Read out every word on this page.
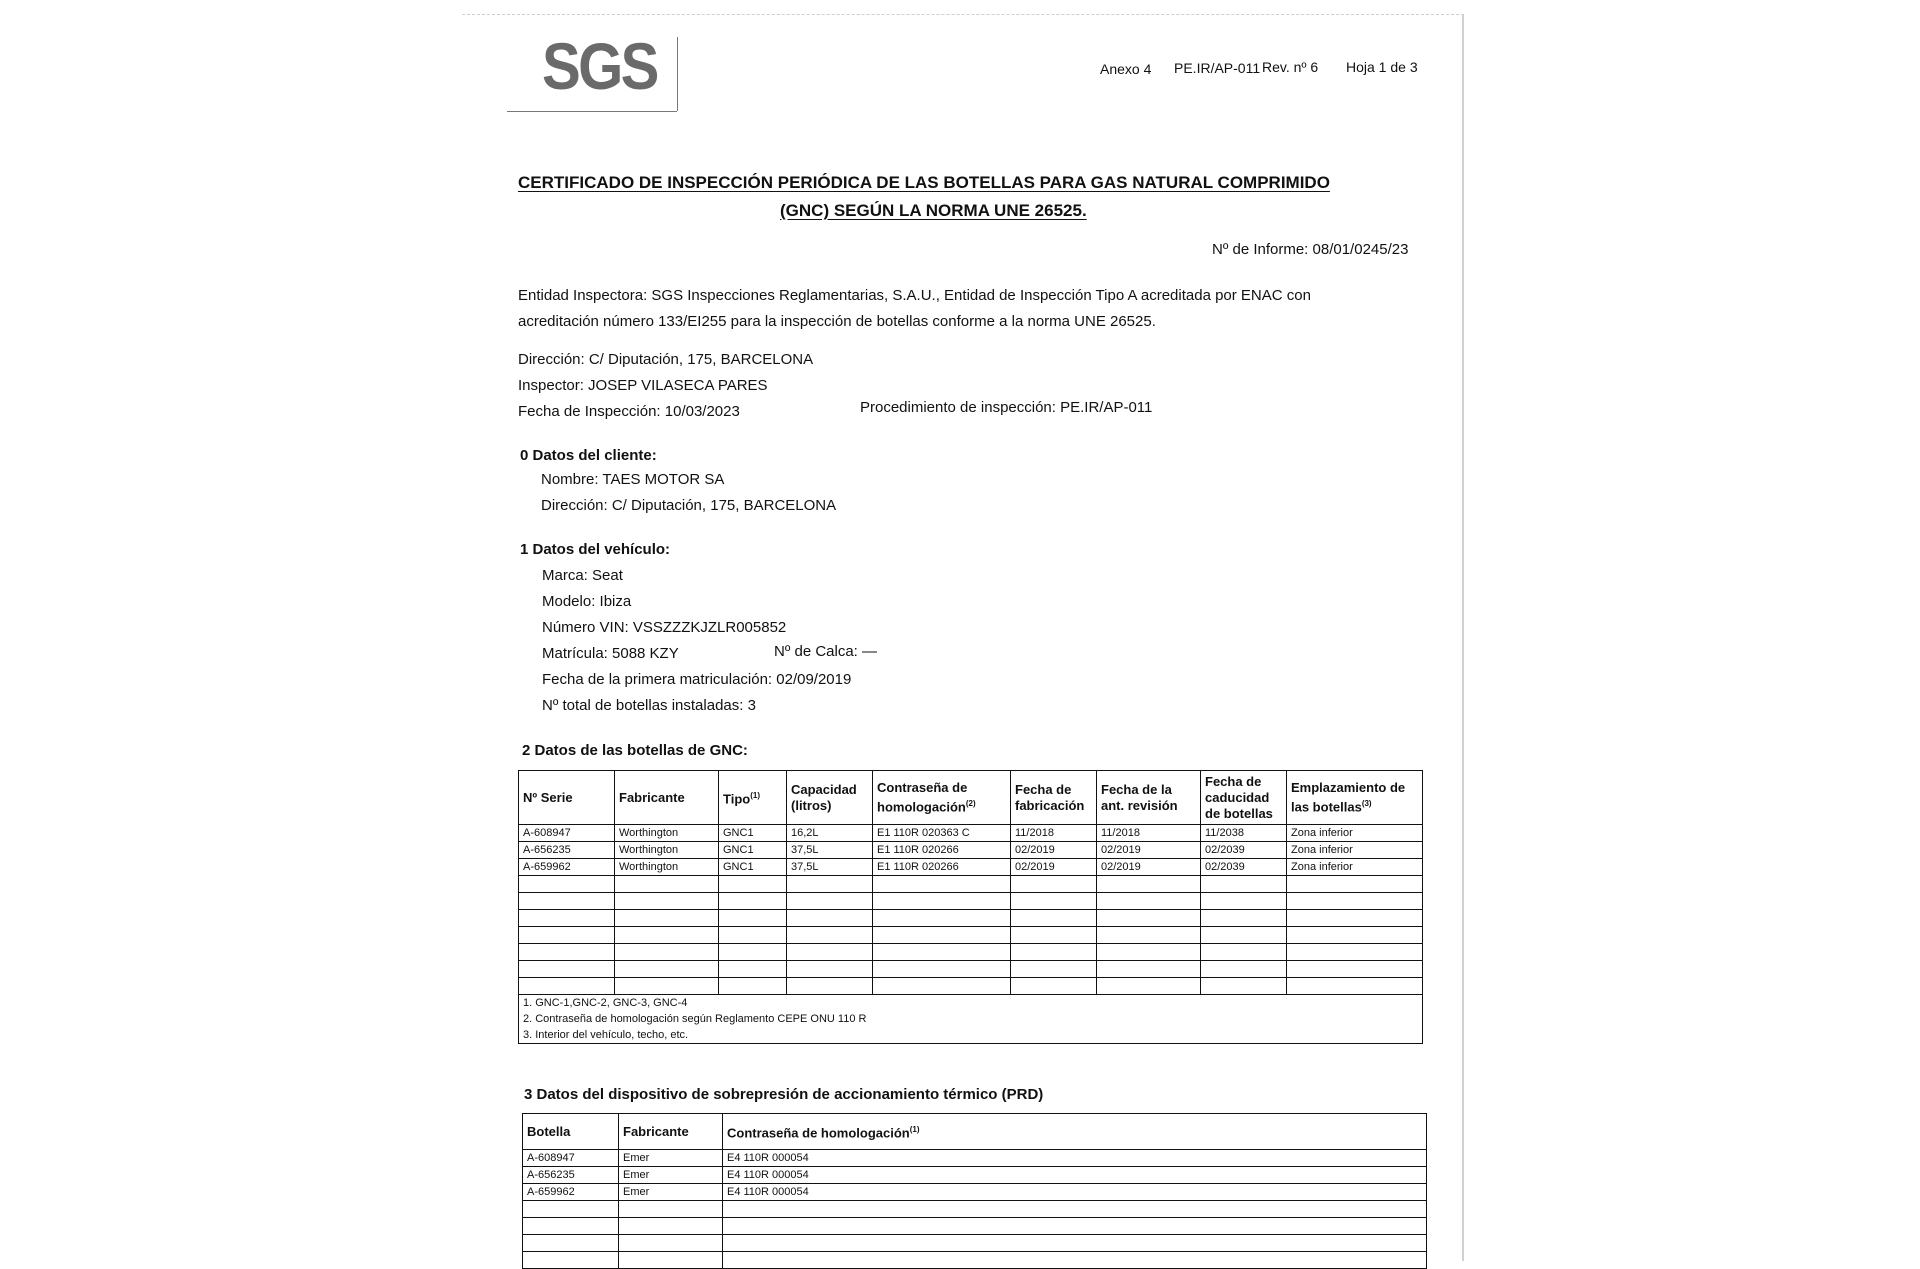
SGS	Anexo 4 PE.IR/AP-011 Rev. nº 6 Hoja 1 de 3
CERTIFICADO DE INSPECCIÓN PERIÓDICA DE LAS BOTELLAS PARA GAS NATURAL COMPRIMIDO
(GNC) SEGÚN LA NORMA UNE 26525.
Nº de Informe: 08/01/0245/23
Entidad Inspectora: SGS Inspecciones Reglamentarias, S.A.U., Entidad de Inspección Tipo A acreditada por ENAC con
acreditación número 133/EI255 para la inspección de botellas conforme a la norma UNE 26525.
Dirección: C/ Diputación, 175, BARCELONA
Inspector: JOSEP VILASECA PARES
Fecha de Inspección: 10/03/2023	Procedimiento de inspección: PE.IR/AP-011
0 Datos del cliente:
Nombre: TAES MOTOR SA
Dirección: C/ Diputación, 175, BARCELONA
1 Datos del vehículo:
Marca: Seat
Modelo: Ibiza
Número VIN: VSSZZZKJZLR005852
Matrícula: 5088 KZY	Nº de Calca: —
Fecha de la primera matriculación: 02/09/2019
Nº total de botellas instaladas: 3
2 Datos de las botellas de GNC:
Nº Serie	Fabricante	Tipo$^{(1)}$	Capacidad (litros)	Contraseña de homologación$^{(2)}$	Fecha de fabricación	Fecha de la ant. revisión	Fecha de caducidad de botellas	Emplazamiento de las botellas$^{(3)}$
A-608947	Worthington	GNC1	16,2L	E1 110R 020363 C	11/2018	11/2018	11/2038	Zona inferior
A-656235	Worthington	GNC1	37,5L	E1 110R 020266	02/2019	02/2019	02/2039	Zona inferior
A-659962	Worthington	GNC1	37,5L	E1 110R 020266	02/2019	02/2019	02/2039	Zona inferior

1. GNC-1,GNC-2, GNC-3, GNC-4
2. Contraseña de homologación según Reglamento CEPE ONU 110 R
3. Interior del vehículo, techo, etc.								
3 Datos del dispositivo de sobrepresión de accionamiento térmico (PRD)
Botella	Fabricante	Contraseña de homologación$^{(1)}$
A-608947	Emer	E4 110R 000054
A-656235	Emer	E4 110R 000054
A-659962	Emer	E4 110R 000054
